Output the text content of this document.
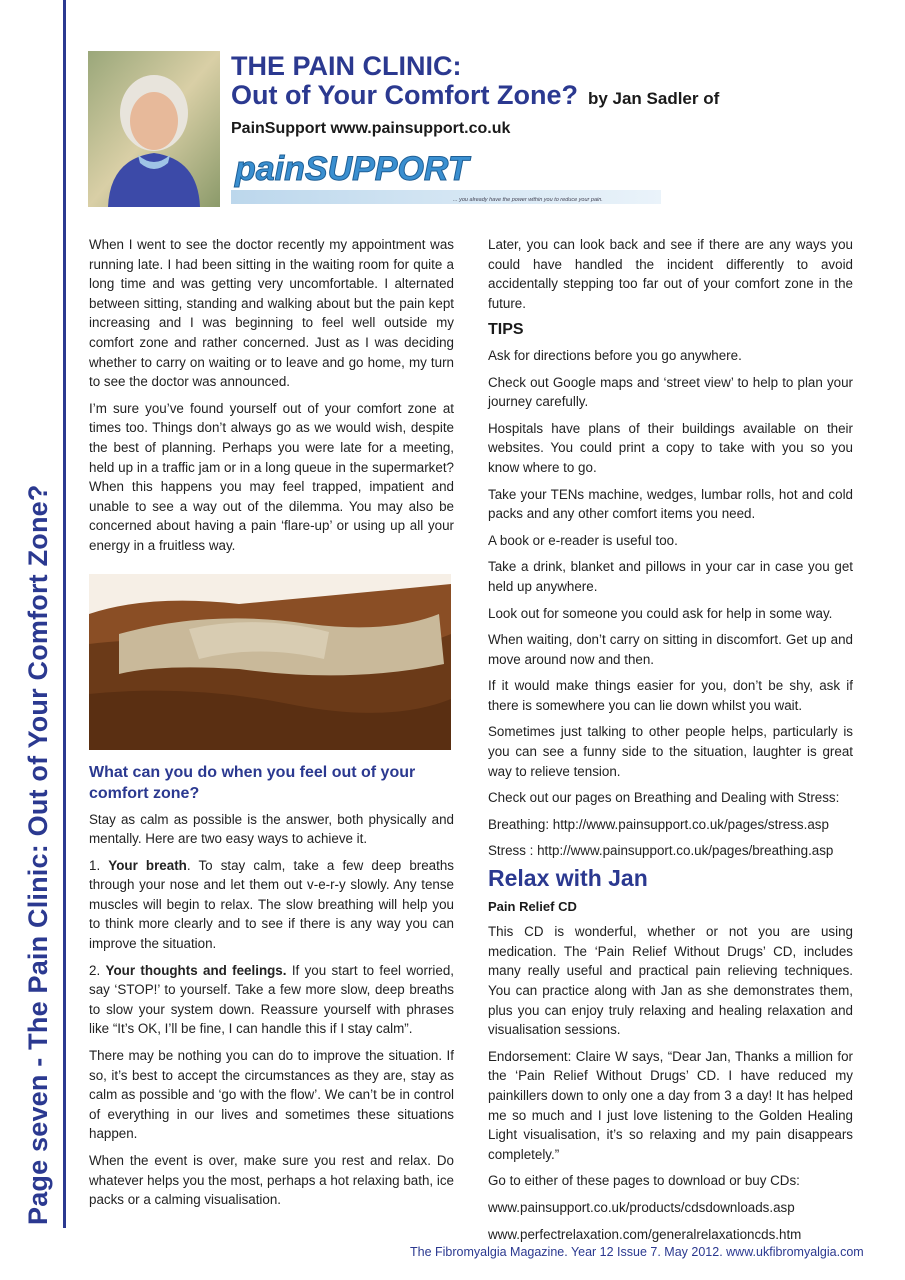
Page seven - The Pain Clinic: Out of Your Comfort Zone?
THE PAIN CLINIC:
Out of Your Comfort Zone? by Jan Sadler of
PainSupport www.painsupport.co.uk
painSUPPORT
... you already have the power within you to reduce your pain.

When I went to see the doctor recently my appointment was running late. I had been sitting in the waiting room for quite a long time and was getting very uncomfortable. I alternated between sitting, standing and walking about but the pain kept increasing and I was beginning to feel well outside my comfort zone and rather concerned. Just as I was deciding whether to carry on waiting or to leave and go home, my turn to see the doctor was announced.

I’m sure you’ve found yourself out of your comfort zone at times too. Things don’t always go as we would wish, despite the best of planning. Perhaps you were late for a meeting, held up in a traffic jam or in a long queue in the supermarket? When this happens you may feel trapped, impatient and unable to see a way out of the dilemma. You may also be concerned about having a pain ‘flare-up’ or using up all your energy in a fruitless way.

What can you do when you feel out of your comfort zone?

Stay as calm as possible is the answer, both physically and mentally. Here are two easy ways to achieve it.

1. Your breath. To stay calm, take a few deep breaths through your nose and let them out v-e-r-y slowly. Any tense muscles will begin to relax. The slow breathing will help you to think more clearly and to see if there is any way you can improve the situation.

2. Your thoughts and feelings. If you start to feel worried, say ‘STOP!’ to yourself. Take a few more slow, deep breaths to slow your system down. Reassure yourself with phrases like “It’s OK, I’ll be fine, I can handle this if I stay calm”.

There may be nothing you can do to improve the situation. If so, it’s best to accept the circumstances as they are, stay as calm as possible and ‘go with the flow’. We can’t be in control of everything in our lives and sometimes these situations happen.

When the event is over, make sure you rest and relax. Do whatever helps you the most, perhaps a hot relaxing bath, ice packs or a calming visualisation.

Later, you can look back and see if there are any ways you could have handled the incident differently to avoid accidentally stepping too far out of your comfort zone in the future.

TIPS

Ask for directions before you go anywhere.

Check out Google maps and ‘street view’ to help to plan your journey carefully.

Hospitals have plans of their buildings available on their websites. You could print a copy to take with you so you know where to go.

Take your TENs machine, wedges, lumbar rolls, hot and cold packs and any other comfort items you need.

A book or e-reader is useful too.

Take a drink, blanket and pillows in your car in case you get held up anywhere.

Look out for someone you could ask for help in some way.

When waiting, don’t carry on sitting in discomfort. Get up and move around now and then.

If it would make things easier for you, don’t be shy, ask if there is somewhere you can lie down whilst you wait.

Sometimes just talking to other people helps, particularly is you can see a funny side to the situation, laughter is great way to relieve tension.

Check out our pages on Breathing and Dealing with Stress:

Breathing: http://www.painsupport.co.uk/pages/stress.asp

Stress : http://www.painsupport.co.uk/pages/breathing.asp

Relax with Jan
Pain Relief CD

This CD is wonderful, whether or not you are using medication. The ‘Pain Relief Without Drugs’ CD, includes many really useful and practical pain relieving techniques. You can practice along with Jan as she demonstrates them, plus you can enjoy truly relaxing and healing relaxation and visualisation sessions.

Endorsement: Claire W says, “Dear Jan, Thanks a million for the ‘Pain Relief Without Drugs’ CD. I have reduced my painkillers down to only one a day from 3 a day! It has helped me so much and I just love listening to the Golden Healing Light visualisation, it’s so relaxing and my pain disappears completely.”

Go to either of these pages to download or buy CDs:

www.painsupport.co.uk/products/cdsdownloads.asp

www.perfectrelaxation.com/generalrelaxationcds.htm

The Fibromyalgia Magazine. Year 12 Issue 7. May 2012. www.ukfibromyalgia.com
